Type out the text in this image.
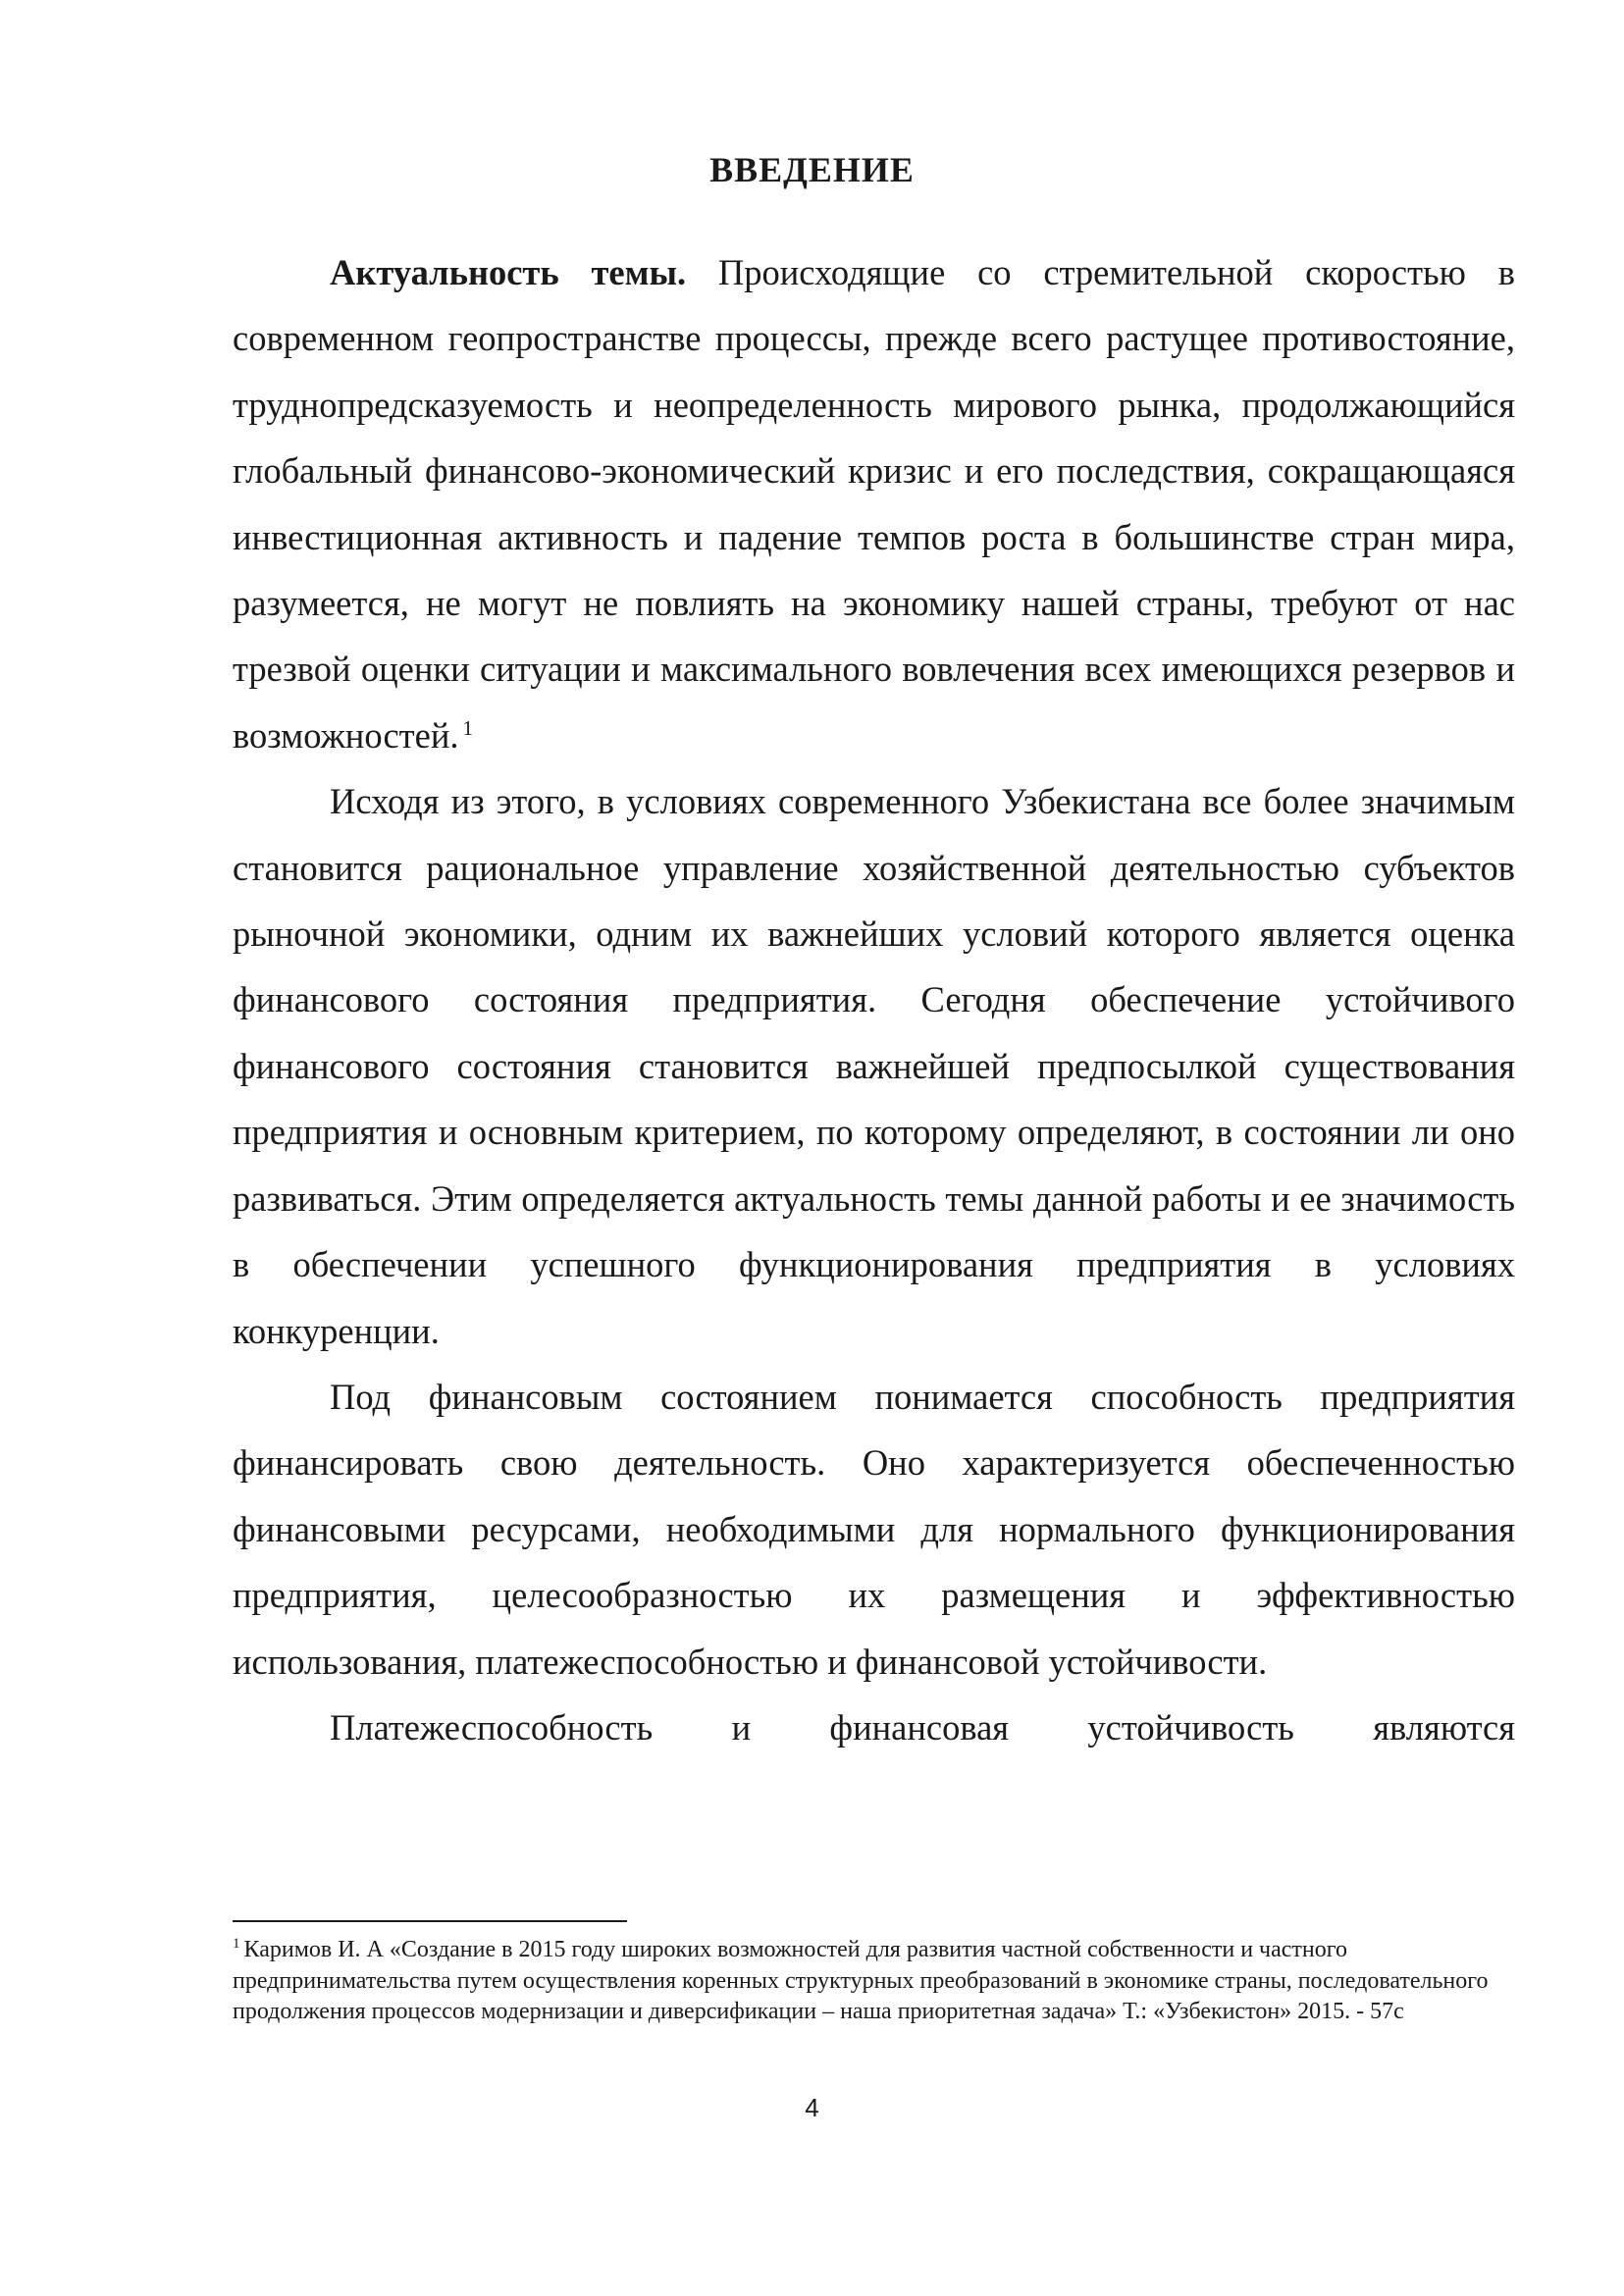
ВВЕДЕНИЕ

Актуальность темы. Происходящие со стремительной скоростью в современном геопространстве процессы, прежде всего растущее противостояние, труднопредсказуемость и неопределенность мирового рынка, продолжающийся глобальный финансово-экономический кризис и его последствия, сокращающаяся инвестиционная активность и падение темпов роста в большинстве стран мира, разумеется, не могут не повлиять на экономику нашей страны, требуют от нас трезвой оценки ситуации и максимального вовлечения всех имеющихся резервов и возможностей. $^1$

Исходя из этого, в условиях современного Узбекистана все более значимым становится рациональное управление хозяйственной деятельностью субъектов рыночной экономики, одним их важнейших условий которого является оценка финансового состояния предприятия. Сегодня обеспечение устойчивого финансового состояния становится важнейшей предпосылкой существования предприятия и основным критерием, по которому определяют, в состоянии ли оно развиваться. Этим определяется актуальность темы данной работы и ее значимость в обеспечении успешного функционирования предприятия в условиях конкуренции.

Под финансовым состоянием понимается способность предприятия финансировать свою деятельность. Оно характеризуется обеспеченностью финансовыми ресурсами, необходимыми для нормального функционирования предприятия, целесообразностью их размещения и эффективностью использования, платежеспособностью и финансовой устойчивости.

Платежеспособность и финансовая устойчивость являются

$^1$ Каримов И. А «Создание в 2015 году широких возможностей для развития частной собственности и частного предпринимательства путем осуществления коренных структурных преобразований в экономике страны, последовательного продолжения процессов модернизации и диверсификации – наша приоритетная задача» Т.: «Узбекистон» 2015. - 57с

4
